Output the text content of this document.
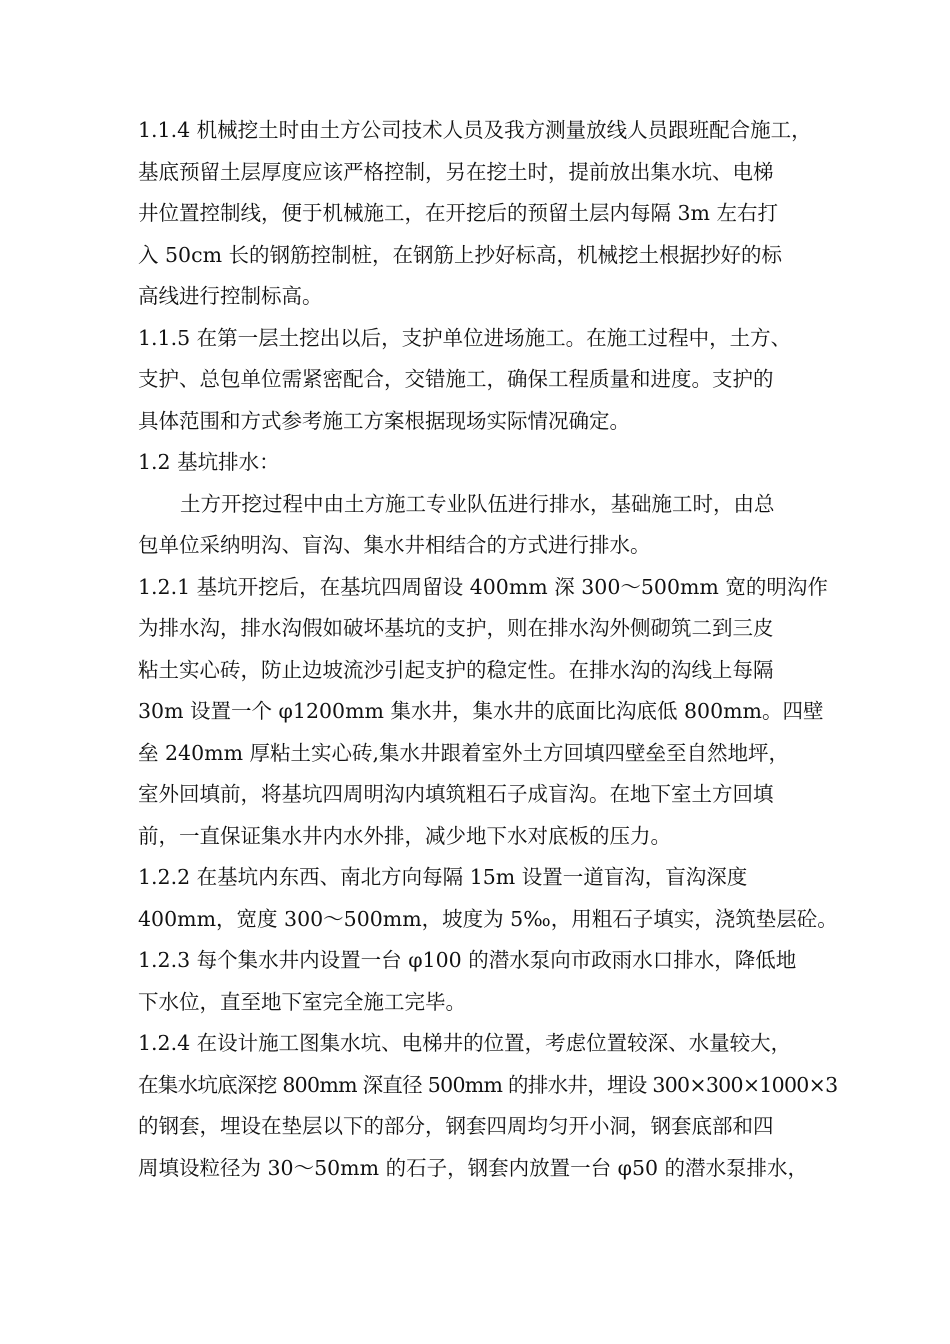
1.1.4 机械挖土时由土方公司技术人员及我方测量放线人员跟班配合施工，
基底预留土层厚度应该严格控制，另在挖土时，提前放出集水坑、电梯
井位置控制线，便于机械施工，在开挖后的预留土层内每隔 3m 左右打
入 50cm 长的钢筋控制桩，在钢筋上抄好标高，机械挖土根据抄好的标
高线进行控制标高。
1.1.5 在第一层土挖出以后，支护单位进场施工。在施工过程中，土方、
支护、总包单位需紧密配合，交错施工，确保工程质量和进度。支护的
具体范围和方式参考施工方案根据现场实际情况确定。
1.2 基坑排水：
土方开挖过程中由土方施工专业队伍进行排水，基础施工时，由总
包单位采纳明沟、盲沟、集水井相结合的方式进行排水。
1.2.1 基坑开挖后，在基坑四周留设 400mm 深 300～500mm 宽的明沟作
为排水沟，排水沟假如破坏基坑的支护，则在排水沟外侧砌筑二到三皮
粘土实心砖，防止边坡流沙引起支护的稳定性。在排水沟的沟线上每隔
30m 设置一个 φ1200mm 集水井，集水井的底面比沟底低 800mm。四壁
垒 240mm 厚粘土实心砖,集水井跟着室外土方回填四壁垒至自然地坪，
室外回填前，将基坑四周明沟内填筑粗石子成盲沟。在地下室土方回填
前，一直保证集水井内水外排，减少地下水对底板的压力。
1.2.2 在基坑内东西、南北方向每隔 15m 设置一道盲沟，盲沟深度
400mm，宽度 300～500mm，坡度为 5‰，用粗石子填实，浇筑垫层砼。
1.2.3 每个集水井内设置一台 φ100 的潜水泵向市政雨水口排水，降低地
下水位，直至地下室完全施工完毕。
1.2.4 在设计施工图集水坑、电梯井的位置，考虑位置较深、水量较大，
在集水坑底深挖 800mm 深直径 500mm 的排水井，埋设 300×300×1000×3
的钢套，埋设在垫层以下的部分，钢套四周均匀开小洞，钢套底部和四
周填设粒径为 30～50mm 的石子，钢套内放置一台 φ50 的潜水泵排水，
